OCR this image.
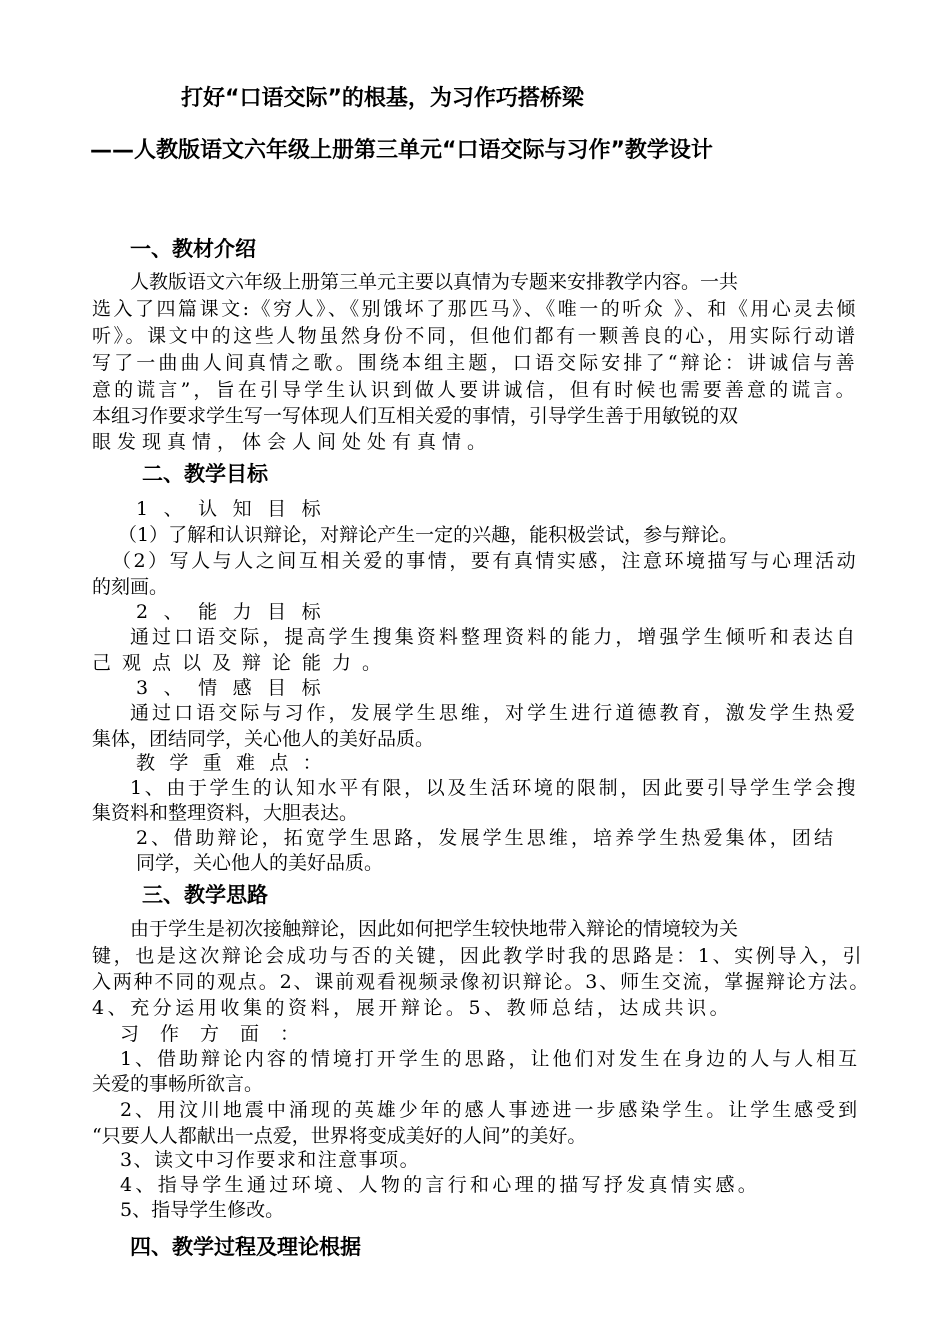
打好“口语交际”的根基，为习作巧搭桥梁
——人教版语文六年级上册第三单元“口语交际与习作”教学设计
一、教材介绍
人教版语文六年级上册第三单元主要以真情为专题来安排教学内容。一共
选入了四篇课文:《穷人》、《别饿坏了那匹马》、《唯一的听众 》、和《用心灵去倾
听》。课文中的这些人物虽然身份不同，但他们都有一颗善良的心，用实际行动谱
写了一曲曲人间真情之歌。围绕本组主题，口语交际安排了“辩论：讲诚信与善
意的谎言”，旨在引导学生认识到做人要讲诚信，但有时候也需要善意的谎言。
本组习作要求学生写一写体现人们互相关爱的事情，引导学生善于用敏锐的双
眼发现真情，体会人间处处有真情。
二、教学目标
1、认知目标
（1）了解和认识辩论，对辩论产生一定的兴趣，能积极尝试，参与辩论。
（2）写人与人之间互相关爱的事情，要有真情实感，注意环境描写与心理活动
的刻画。
2、能力目标
通过口语交际，提高学生搜集资料整理资料的能力，增强学生倾听和表达自
己观点以及辩论能力。
3、情感目标
通过口语交际与习作，发展学生思维，对学生进行道德教育，激发学生热爱
集体，团结同学，关心他人的美好品质。
教学重难点：
1、由于学生的认知水平有限，以及生活环境的限制，因此要引导学生学会搜
集资料和整理资料，大胆表达。
2、借助辩论，拓宽学生思路，发展学生思维，培养学生热爱集体，团结
同学，关心他人的美好品质。
三、教学思路
由于学生是初次接触辩论，因此如何把学生较快地带入辩论的情境较为关
键，也是这次辩论会成功与否的关键，因此教学时我的思路是：1、实例导入，引
入两种不同的观点。2、课前观看视频录像初识辩论。3、师生交流，掌握辩论方法。
4、充分运用收集的资料，展开辩论。5、教师总结，达成共识。
习作方面：
1、借助辩论内容的情境打开学生的思路，让他们对发生在身边的人与人相互
关爱的事畅所欲言。
2、用汶川地震中涌现的英雄少年的感人事迹进一步感染学生。让学生感受到
“只要人人都献出一点爱，世界将变成美好的人间”的美好。
3、读文中习作要求和注意事项。
4、指导学生通过环境、人物的言行和心理的描写抒发真情实感。
5、指导学生修改。
四、教学过程及理论根据
